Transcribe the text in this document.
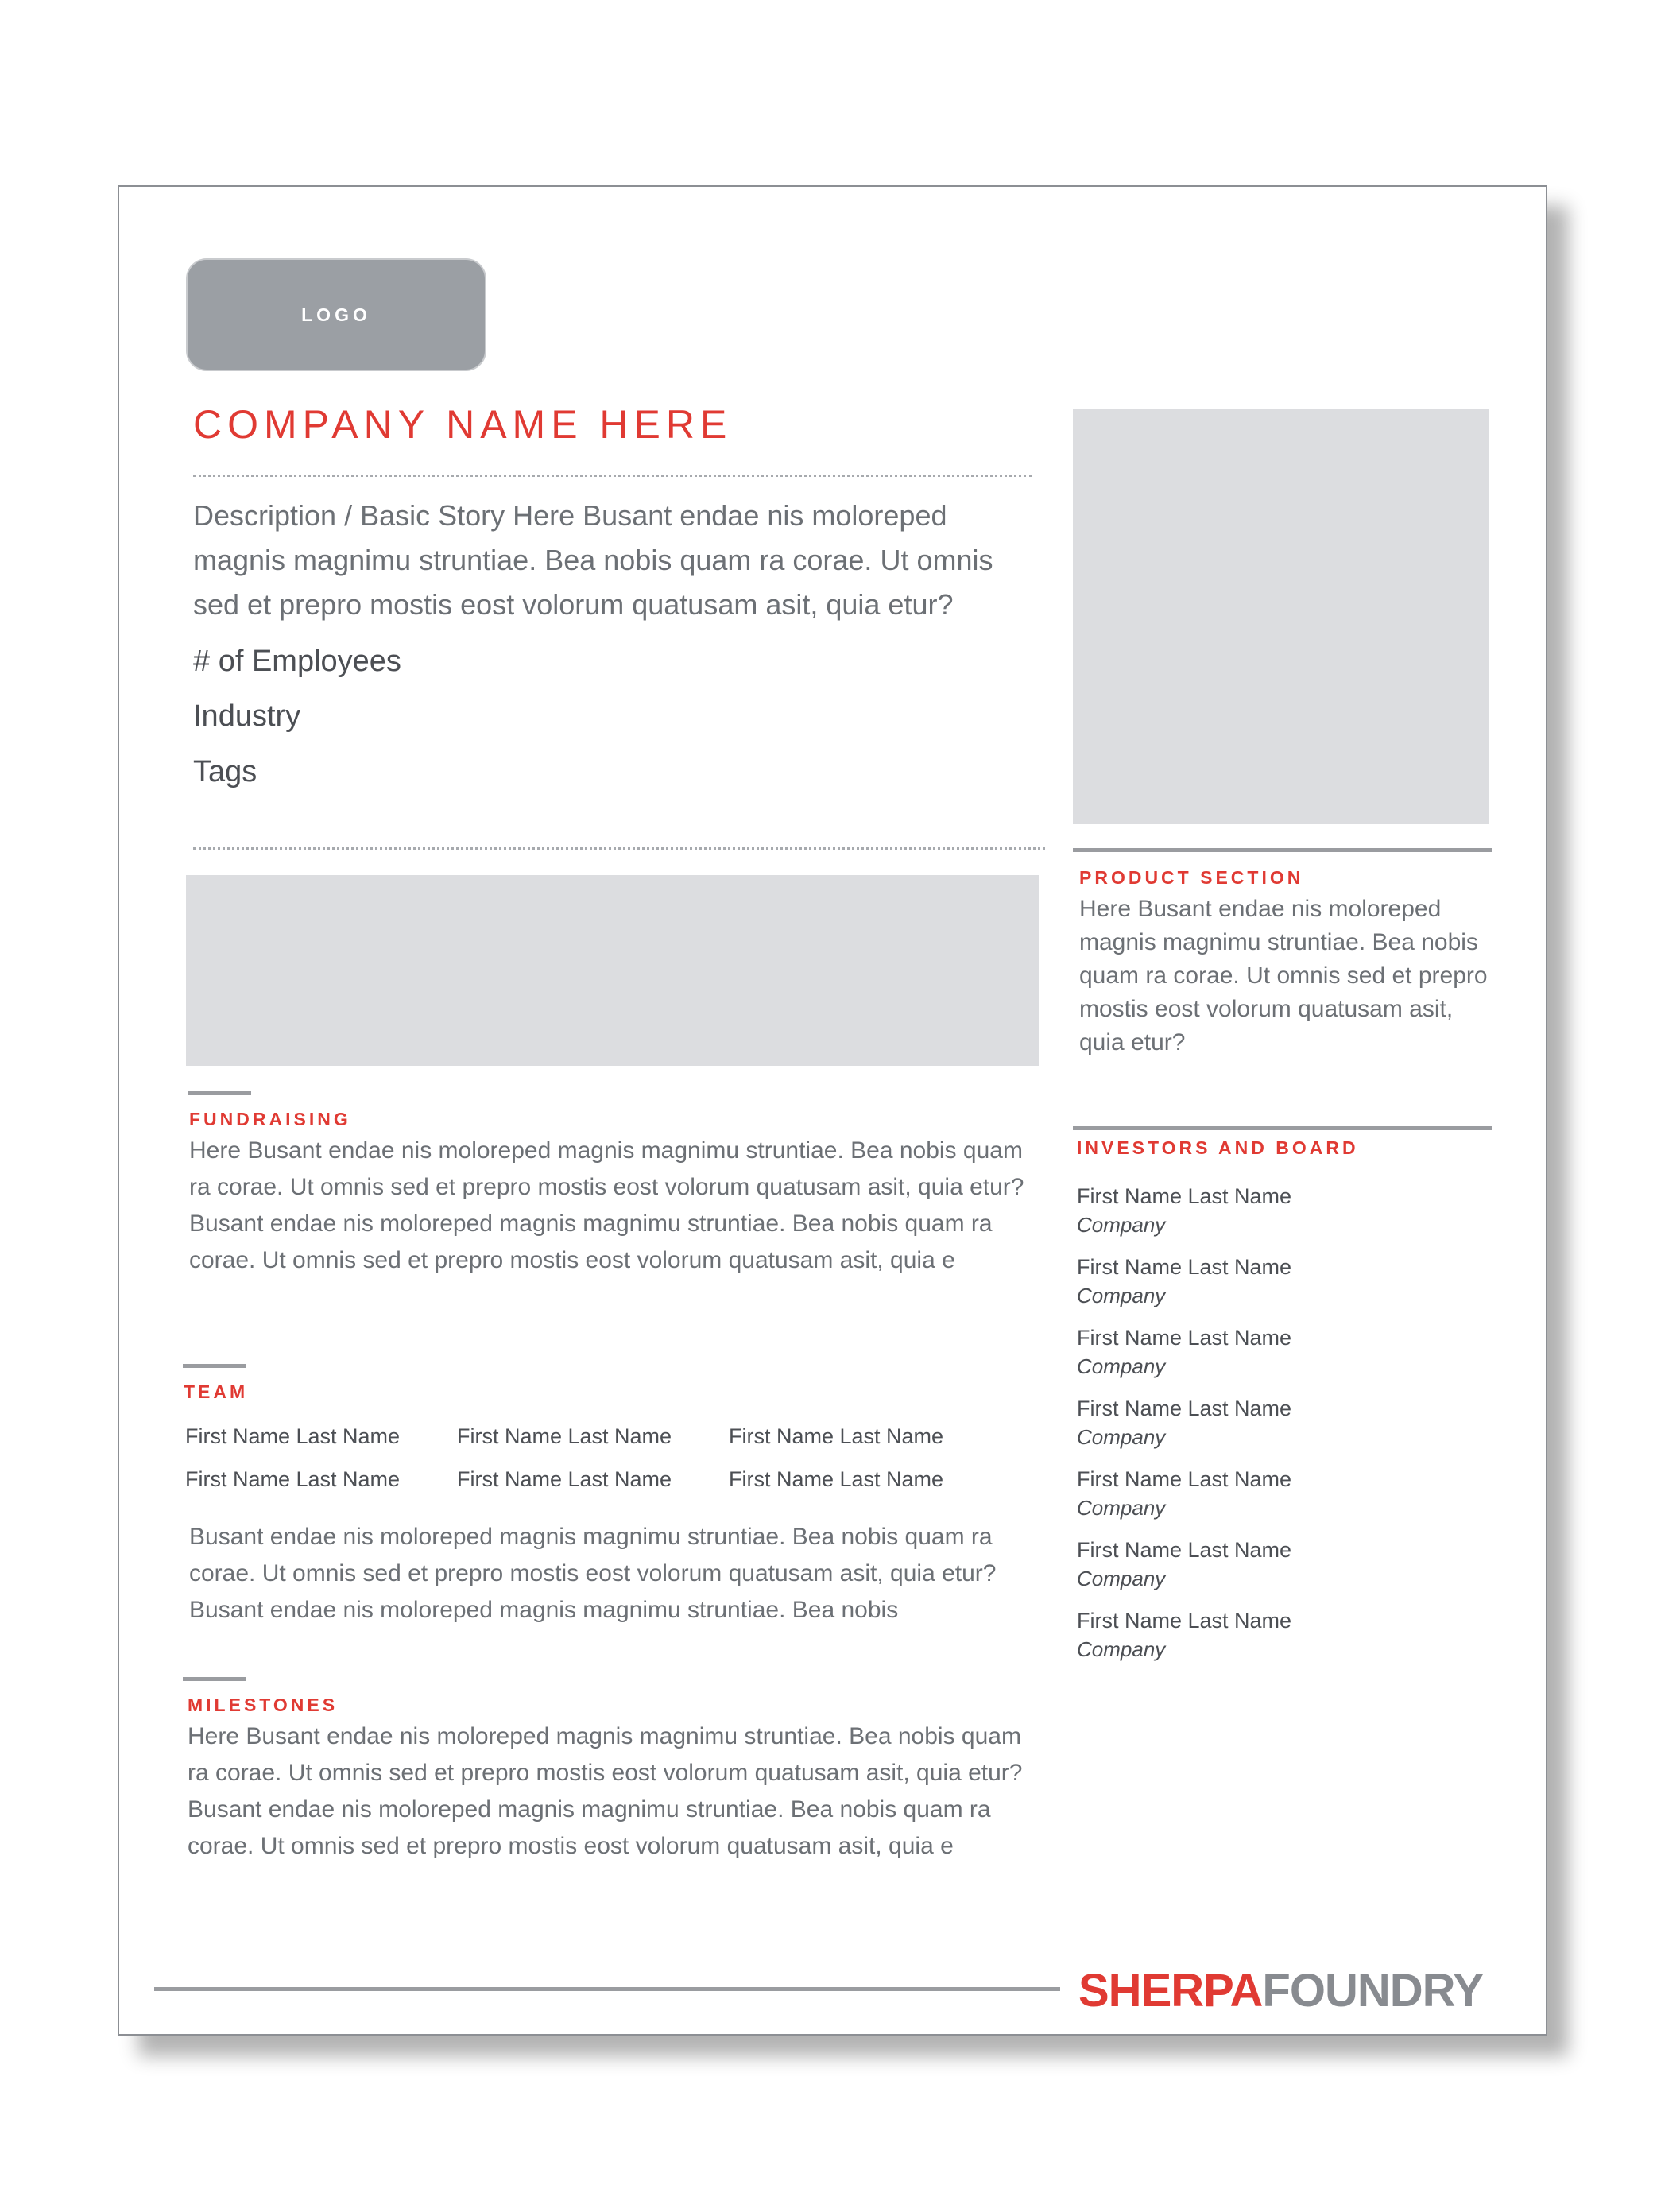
LOGO
COMPANY NAME HERE
Description / Basic Story Here Busant endae nis moloreped magnis magnimu struntiae. Bea nobis quam ra corae. Ut omnis sed et prepro mostis eost volorum quatusam asit, quia etur?
# of Employees
Industry
Tags
PRODUCT SECTION
Here Busant endae nis moloreped magnis magnimu struntiae. Bea nobis quam ra corae. Ut omnis sed et prepro mostis eost volorum quatusam asit, quia etur?
INVESTORS AND BOARD
First Name Last Name
Company
First Name Last Name
Company
First Name Last Name
Company
First Name Last Name
Company
First Name Last Name
Company
First Name Last Name
Company
First Name Last Name
Company
FUNDRAISING
Here Busant endae nis moloreped magnis magnimu struntiae. Bea nobis quam ra corae. Ut omnis sed et prepro mostis eost volorum quatusam asit, quia etur? Busant endae nis moloreped magnis magnimu struntiae. Bea nobis quam ra corae. Ut omnis sed et prepro mostis eost volorum quatusam asit, quia e
TEAM
First Name Last Name	First Name Last Name	First Name Last Name
First Name Last Name	First Name Last Name	First Name Last Name
Busant endae nis moloreped magnis magnimu struntiae. Bea nobis quam ra corae. Ut omnis sed et prepro mostis eost volorum quatusam asit, quia etur? Busant endae nis moloreped magnis magnimu struntiae. Bea nobis
MILESTONES
Here Busant endae nis moloreped magnis magnimu struntiae. Bea nobis quam ra corae. Ut omnis sed et prepro mostis eost volorum quatusam asit, quia etur? Busant endae nis moloreped magnis magnimu struntiae. Bea nobis quam ra corae. Ut omnis sed et prepro mostis eost volorum quatusam asit, quia e
SHERPAFOUNDRY
